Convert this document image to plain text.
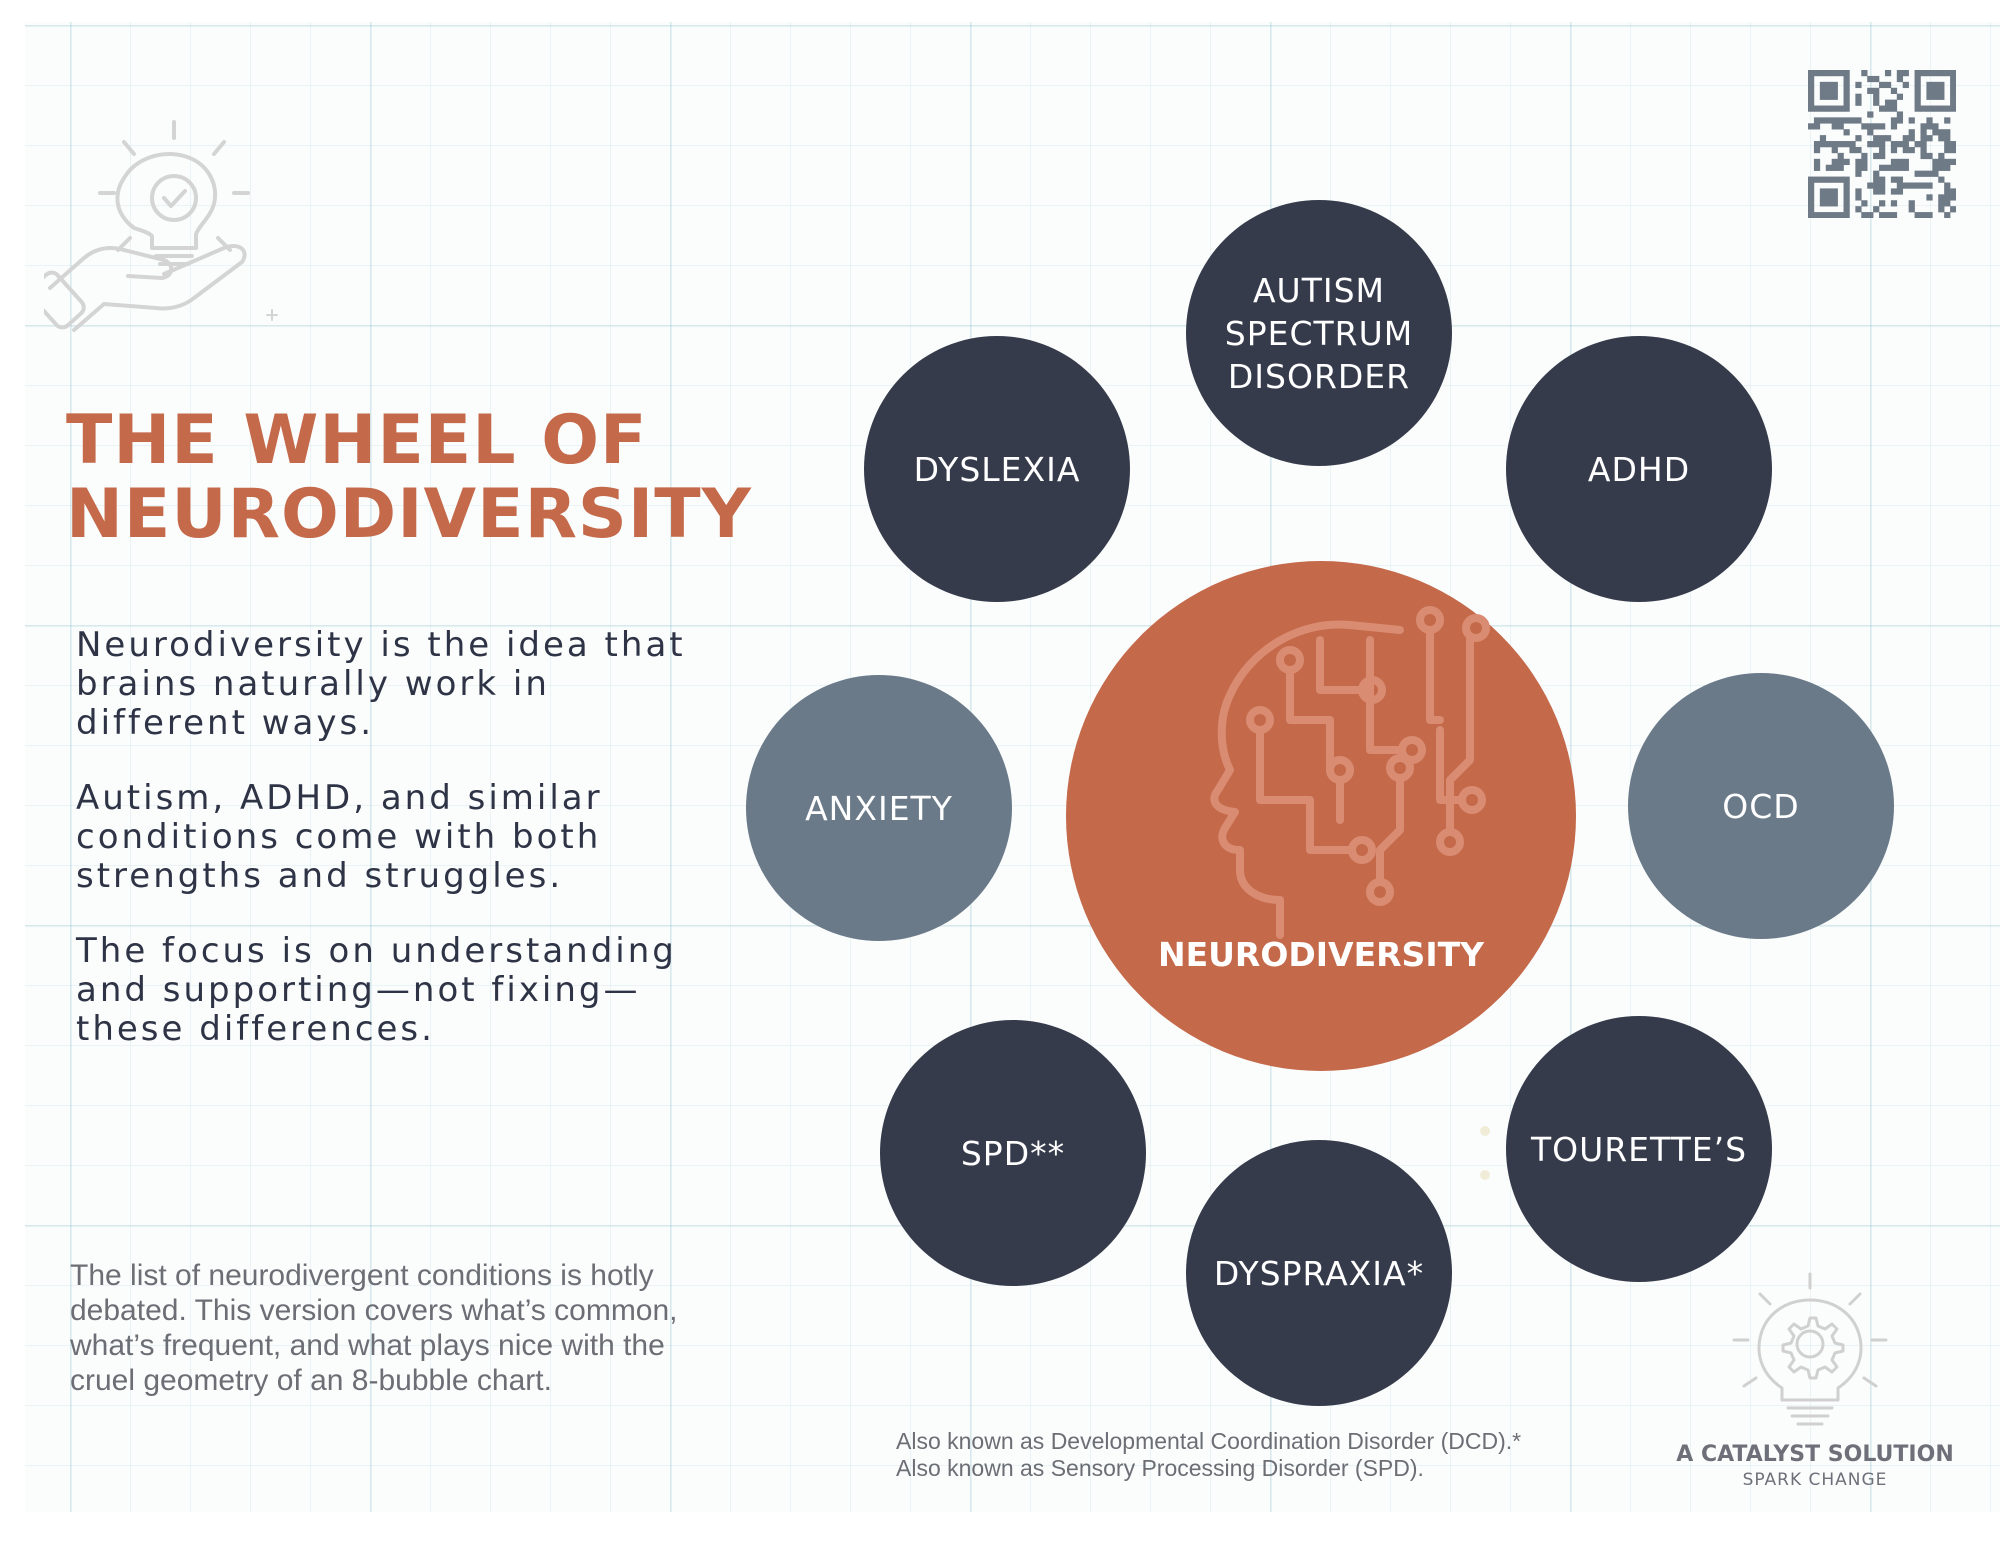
THE WHEEL OF
NEURODIVERSITY

Neurodiversity is the idea that brains naturally work in different ways.

Autism, ADHD, and similar conditions come with both strengths and struggles.

The focus is on understanding and supporting—not fixing—these differences.

The list of neurodivergent conditions is hotly debated. This version covers what’s common, what’s frequent, and what plays nice with the cruel geometry of an 8-bubble chart.

NEURODIVERSITY
AUTISM
SPECTRUM
DISORDER
ADHD
OCD
TOURETTE’S
DYSPRAXIA*
SPD**
ANXIETY
DYSLEXIA
Also known as Developmental Coordination Disorder (DCD).*
Also known as Sensory Processing Disorder (SPD).
A CATALYST SOLUTION
SPARK CHANGE
